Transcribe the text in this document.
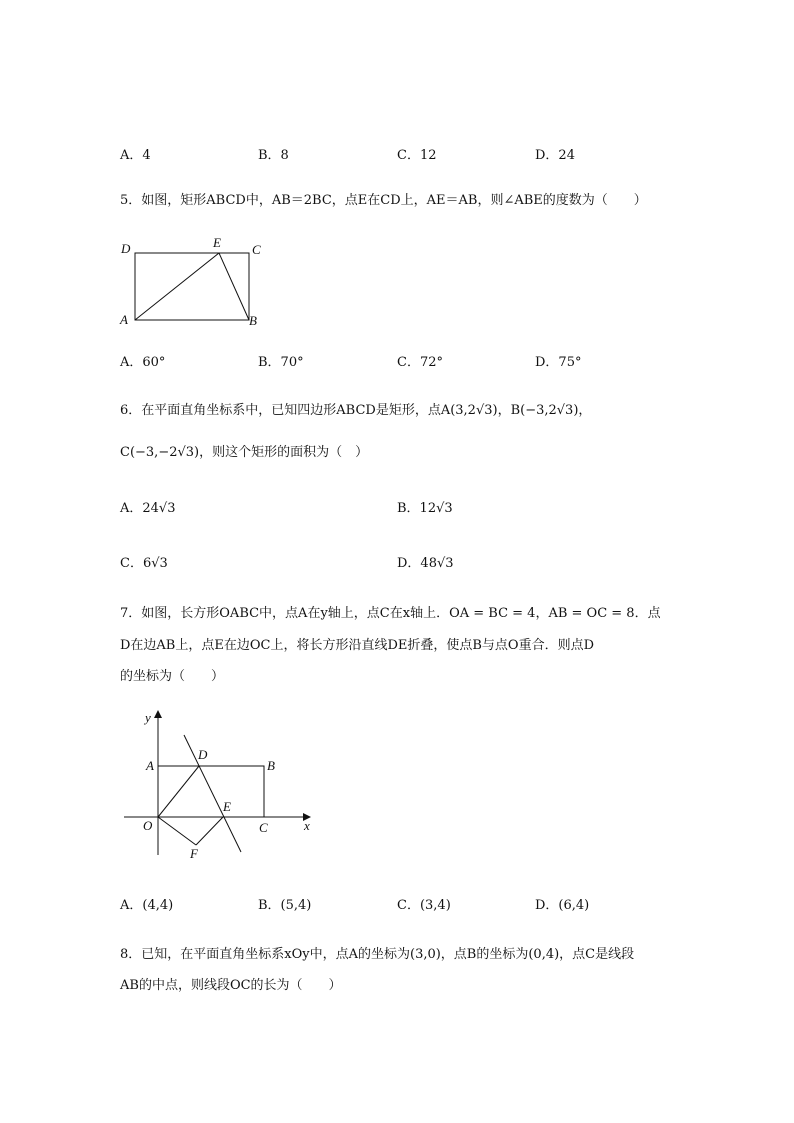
A．4	B．8	C．12	D．24
5．如图，矩形ABCD中，AB＝2BC，点E在CD上，AE＝AB，则∠ABE的度数为（　　）
D	E C
A	B
A．60°	B．70°	C．72°	D．75°
6．在平面直角坐标系中，已知四边形ABCD是矩形，点A(3,2√3)，B(−3,2√3)，
C(−3,−2√3)，则这个矩形的面积为（　）
A．24√3	B．12√3
C．6√3	D．48√3
7．如图，长方形OABC中，点A在y轴上，点C在x轴上．OA = BC = 4，AB = OC = 8．点
D在边AB上，点E在边OC上，将长方形沿直线DE折叠，使点B与点O重合．则点D
的坐标为（　　）
y
A
D
B
O
E
C	x
F
A．(4,4)	B．(5,4)	C．(3,4)	D．(6,4)
8．已知，在平面直角坐标系xOy中，点A的坐标为(3,0)，点B的坐标为(0,4)，点C是线段
AB的中点，则线段OC的长为（　　）
